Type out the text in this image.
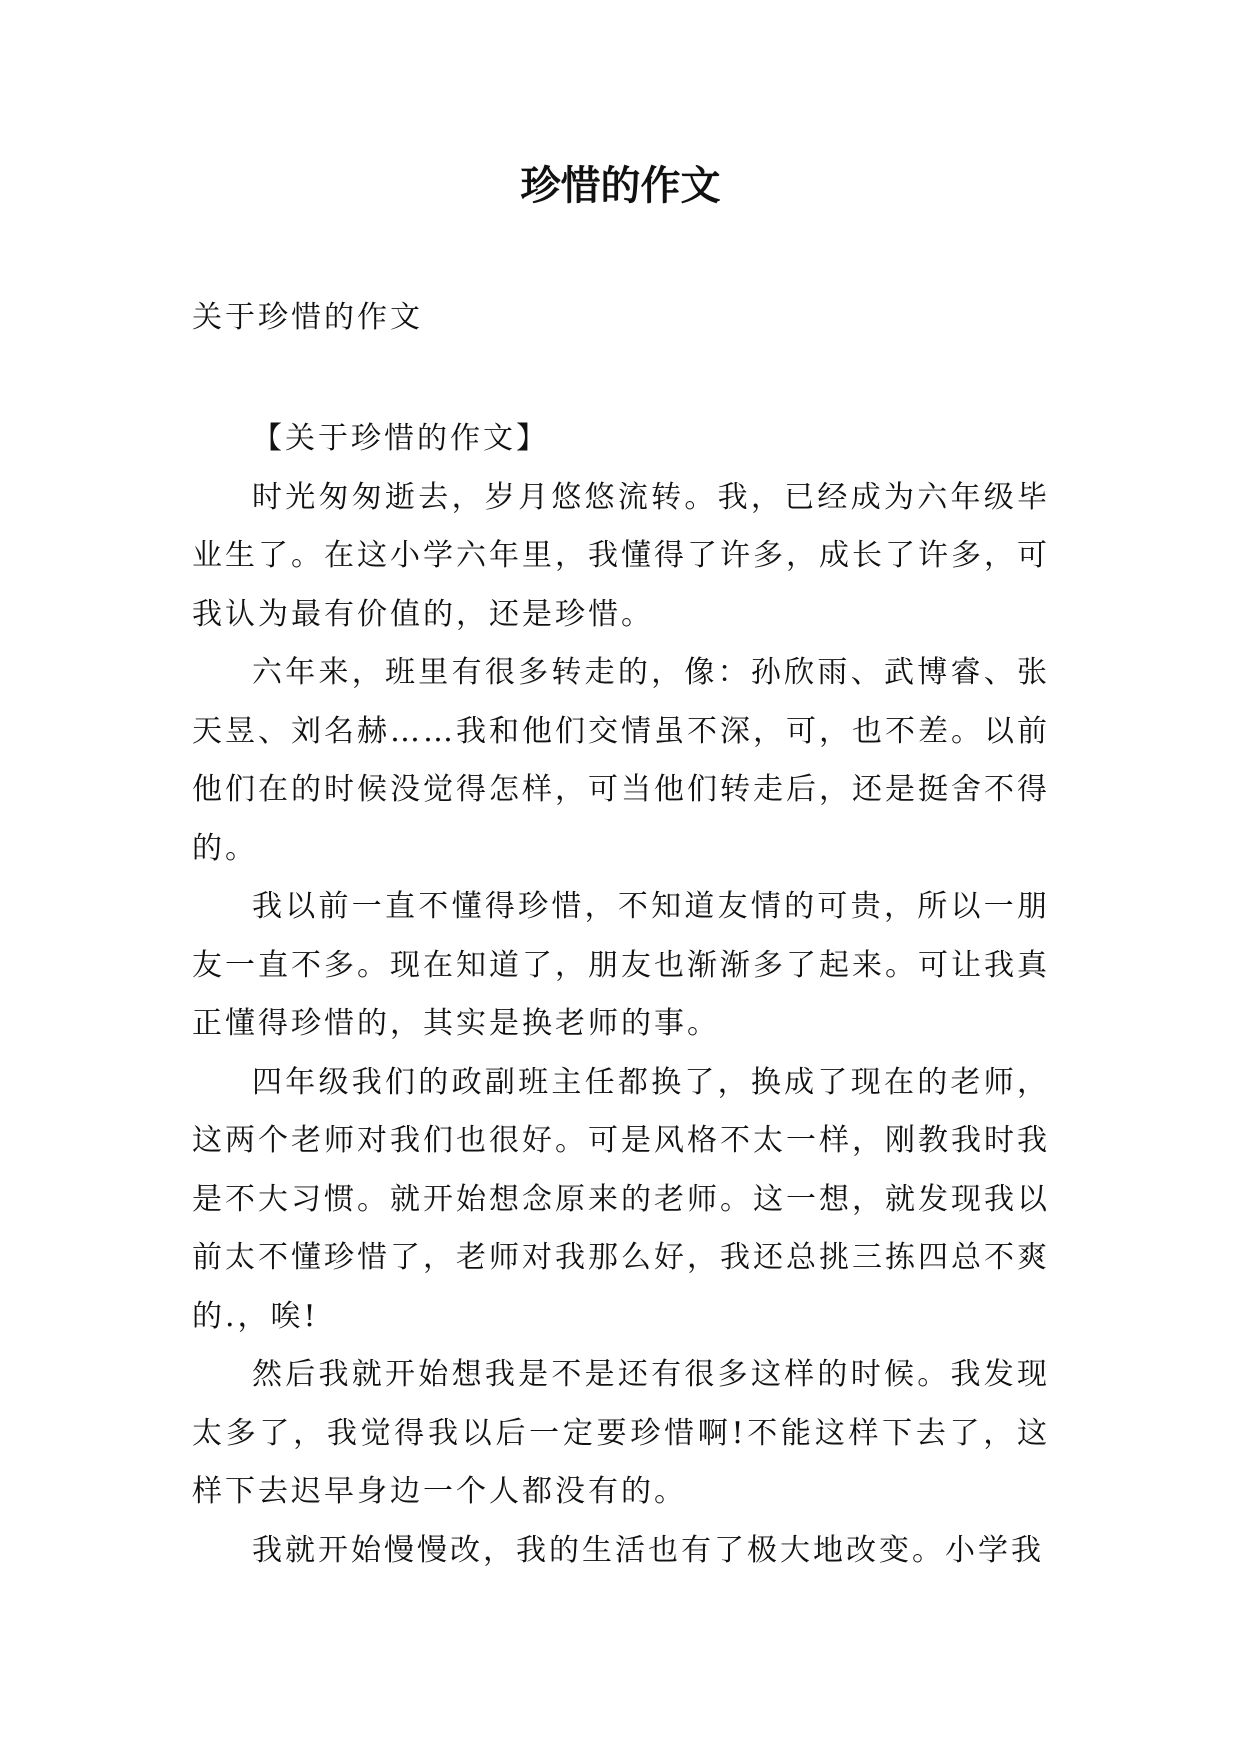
珍惜的作文
关于珍惜的作文

【关于珍惜的作文】

时光匆匆逝去，岁月悠悠流转。我，已经成为六年级毕业生了。在这小学六年里，我懂得了许多，成长了许多，可我认为最有价值的，还是珍惜。

六年来，班里有很多转走的，像：孙欣雨、武博睿、张天昱、刘名赫……我和他们交情虽不深，可，也不差。以前他们在的时候没觉得怎样，可当他们转走后，还是挺舍不得的。

我以前一直不懂得珍惜，不知道友情的可贵，所以一朋友一直不多。现在知道了，朋友也渐渐多了起来。可让我真正懂得珍惜的，其实是换老师的事。

四年级我们的政副班主任都换了，换成了现在的老师，这两个老师对我们也很好。可是风格不太一样，刚教我时我是不大习惯。就开始想念原来的老师。这一想，就发现我以前太不懂珍惜了，老师对我那么好，我还总挑三拣四总不爽的.，唉!

然后我就开始想我是不是还有很多这样的时候。我发现太多了，我觉得我以后一定要珍惜啊!不能这样下去了，这样下去迟早身边一个人都没有的。

我就开始慢慢改，我的生活也有了极大地改变。小学我
